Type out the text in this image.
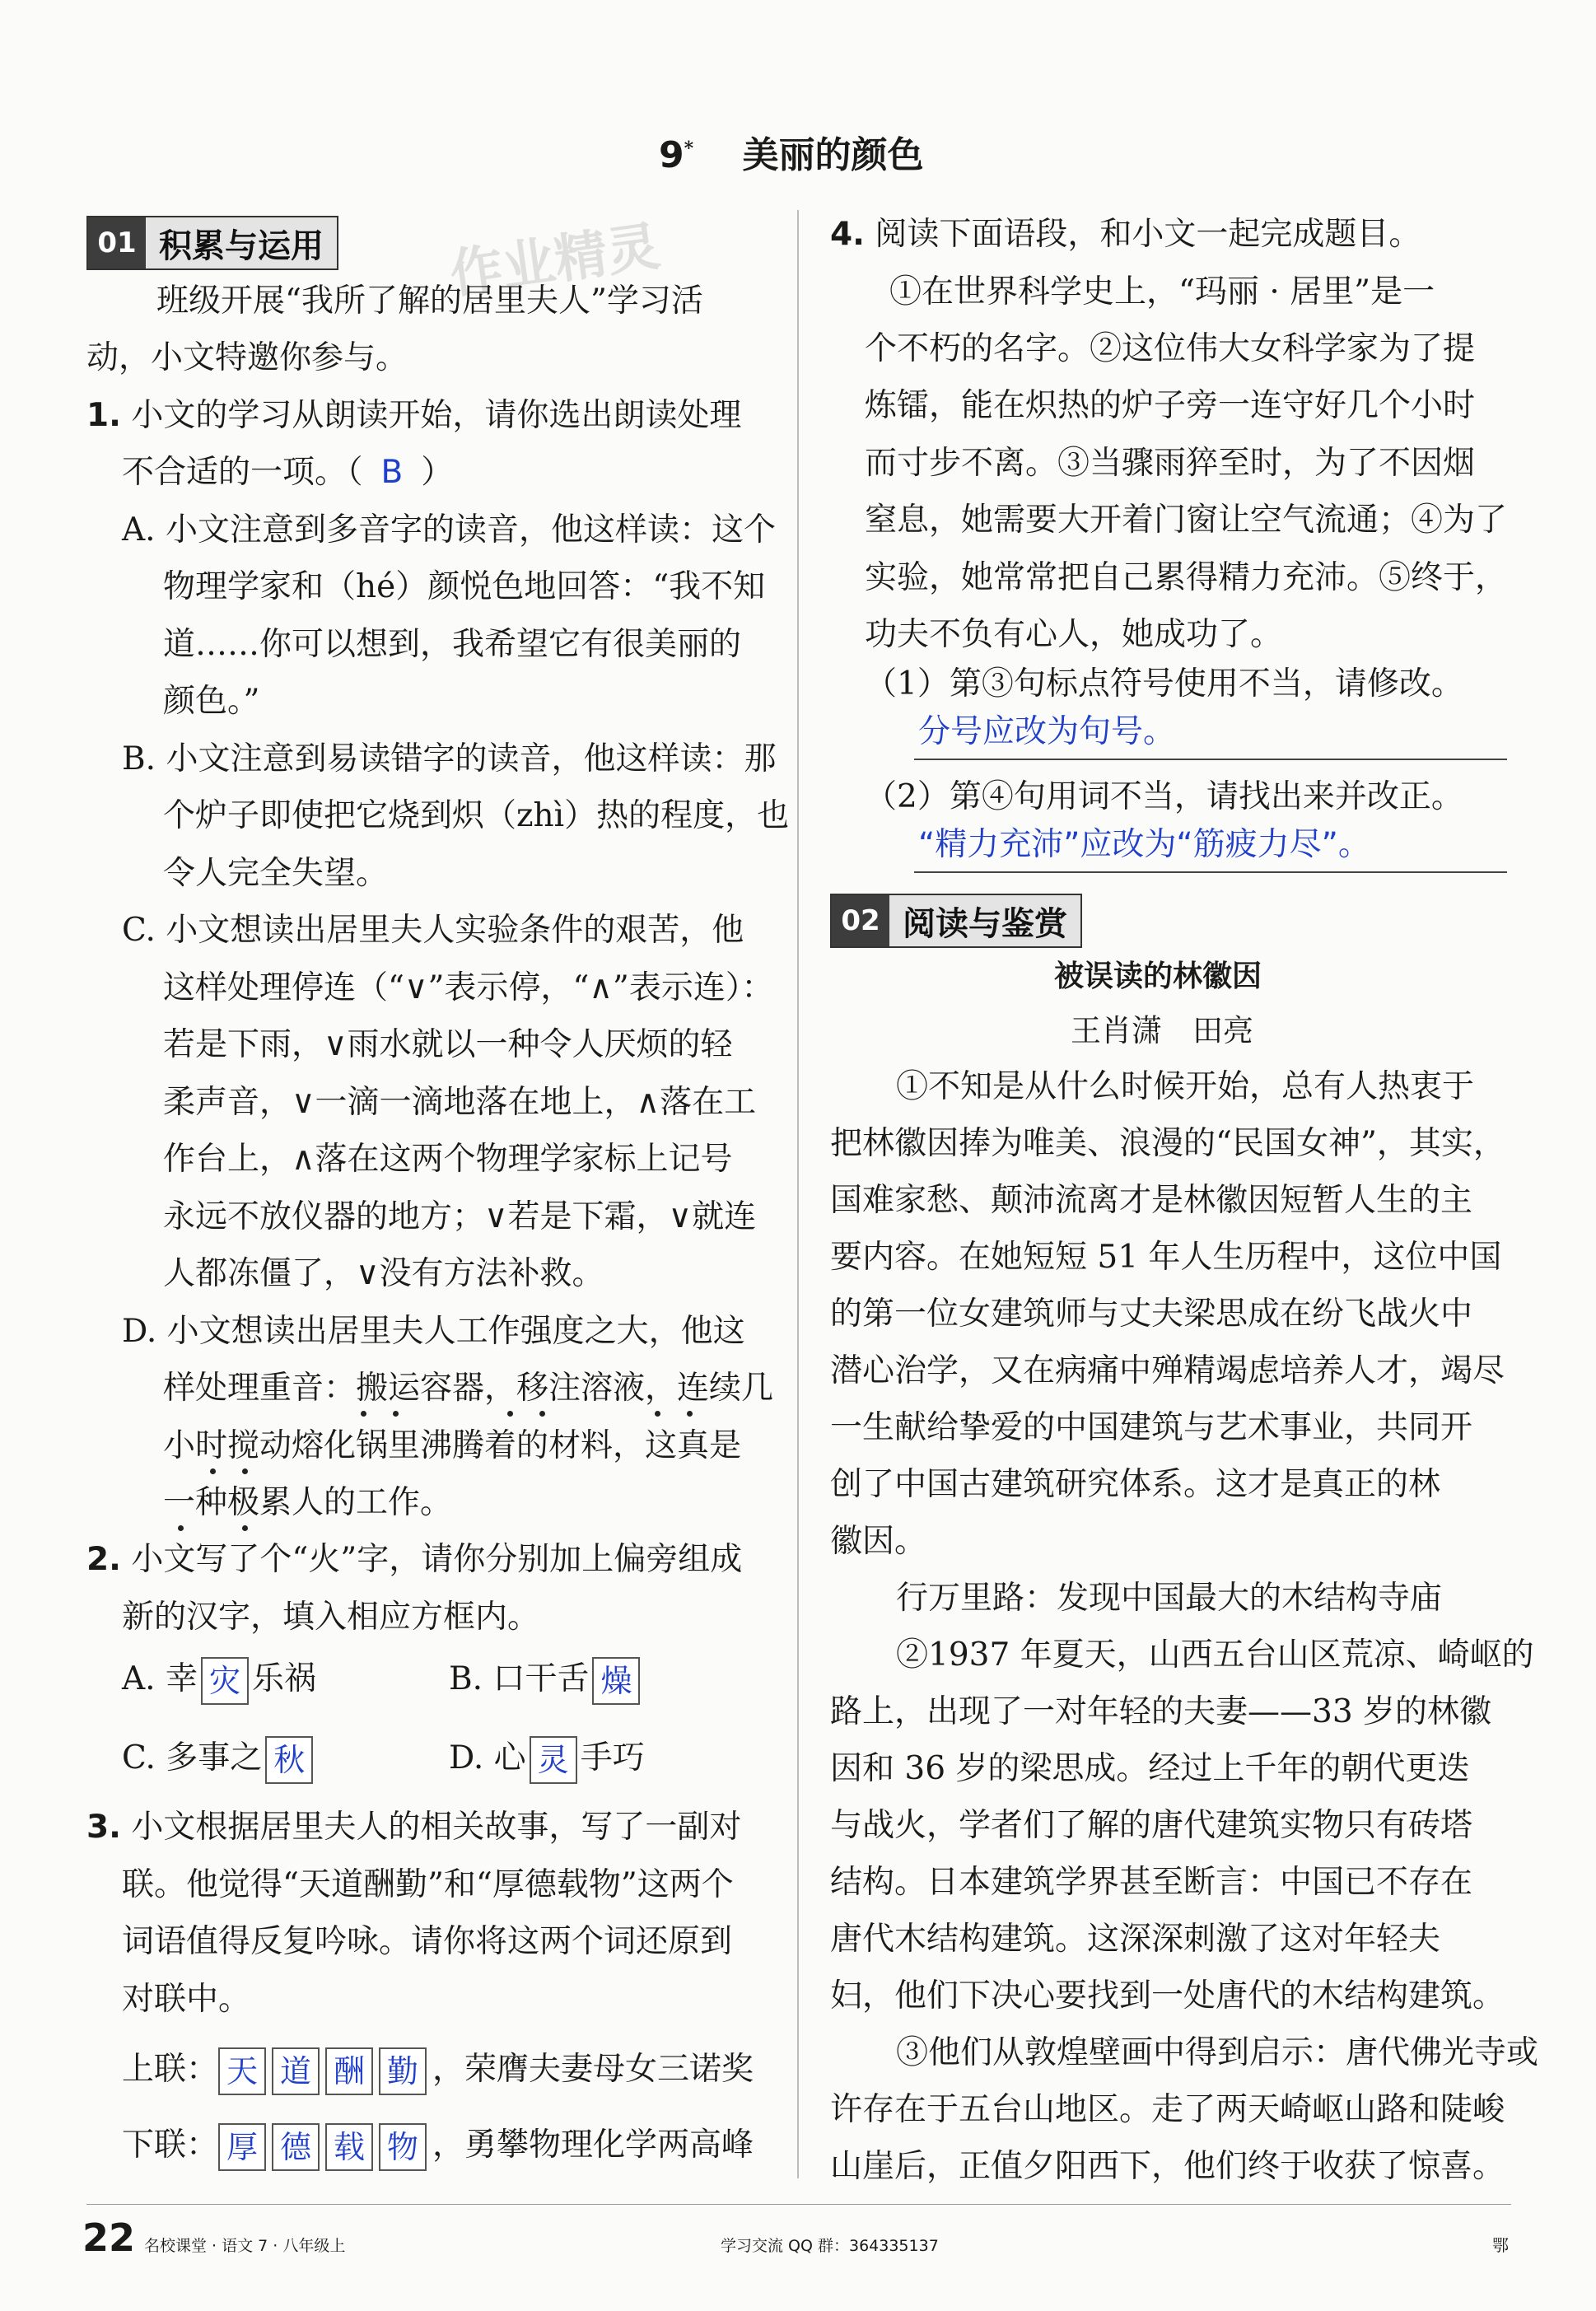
9* 美丽的颜色
01 积累与运用 作业精灵
班级开展“我所了解的居里夫人”学习活
动，小文特邀你参与。
1. 小文的学习从朗读开始，请你选出朗读处理
不合适的一项。（ B ）
A. 小文注意到多音字的读音，他这样读：这个
物理学家和（hé）颜悦色地回答：“我不知
道……你可以想到，我希望它有很美丽的
颜色。”
B. 小文注意到易读错字的读音，他这样读：那
个炉子即使把它烧到炽（zhì）热的程度，也
令人完全失望。
C. 小文想读出居里夫人实验条件的艰苦，他
这样处理停连（“∨”表示停，“∧”表示连）：
若是下雨，∨雨水就以一种令人厌烦的轻
柔声音，∨一滴一滴地落在地上，∧落在工
作台上，∧落在这两个物理学家标上记号
永远不放仪器的地方；∨若是下霜，∨就连
人都冻僵了，∨没有方法补救。
D. 小文想读出居里夫人工作强度之大，他这
样处理重音：搬运容器，移注溶液，连续几
小时搅动熔化锅里沸腾着的材料，这真是
一种极累人的工作。
2. 小文写了个“火”字，请你分别加上偏旁组成
新的汉字，填入相应方框内。
A. 幸 灾 乐祸	B. 口干舌 燥
C. 多事之 秋	D. 心 灵 手巧
3. 小文根据居里夫人的相关故事，写了一副对
联。他觉得“天道酬勤”和“厚德载物”这两个
词语值得反复吟咏。请你将这两个词还原到
对联中。
上联： 天 道 酬 勤 ，荣膺夫妻母女三诺奖
下联： 厚 德 载 物 ，勇攀物理化学两高峰
4. 阅读下面语段，和小文一起完成题目。
①在世界科学史上，“玛丽 · 居里”是一
个不朽的名字。②这位伟大女科学家为了提
炼镭，能在炽热的炉子旁一连守好几个小时
而寸步不离。③当骤雨猝至时，为了不因烟
窒息，她需要大开着门窗让空气流通；④为了
实验，她常常把自己累得精力充沛。⑤终于，
功夫不负有心人，她成功了。
（1）第③句标点符号使用不当，请修改。
分号应改为句号。
（2）第④句用词不当，请找出来并改正。
“精力充沛”应改为“筋疲力尽”。
02 阅读与鉴赏
被误读的林徽因
王肖潇　田亮
①不知是从什么时候开始，总有人热衷于
把林徽因捧为唯美、浪漫的“民国女神”，其实，
国难家愁、颠沛流离才是林徽因短暂人生的主
要内容。在她短短 51 年人生历程中，这位中国
的第一位女建筑师与丈夫梁思成在纷飞战火中
潜心治学，又在病痛中殚精竭虑培养人才，竭尽
一生献给挚爱的中国建筑与艺术事业，共同开
创了中国古建筑研究体系。这才是真正的林
徽因。
行万里路：发现中国最大的木结构寺庙
②1937 年夏天，山西五台山区荒凉、崎岖的
路上，出现了一对年轻的夫妻——33 岁的林徽
因和 36 岁的梁思成。经过上千年的朝代更迭
与战火，学者们了解的唐代建筑实物只有砖塔
结构。日本建筑学界甚至断言：中国已不存在
唐代木结构建筑。这深深刺激了这对年轻夫
妇，他们下决心要找到一处唐代的木结构建筑。
③他们从敦煌壁画中得到启示：唐代佛光寺或
许存在于五台山地区。走了两天崎岖山路和陡峻
山崖后，正值夕阳西下，他们终于收获了惊喜。
22 名校课堂 · 语文 7 · 八年级上	学习交流 QQ 群：364335137	鄂
